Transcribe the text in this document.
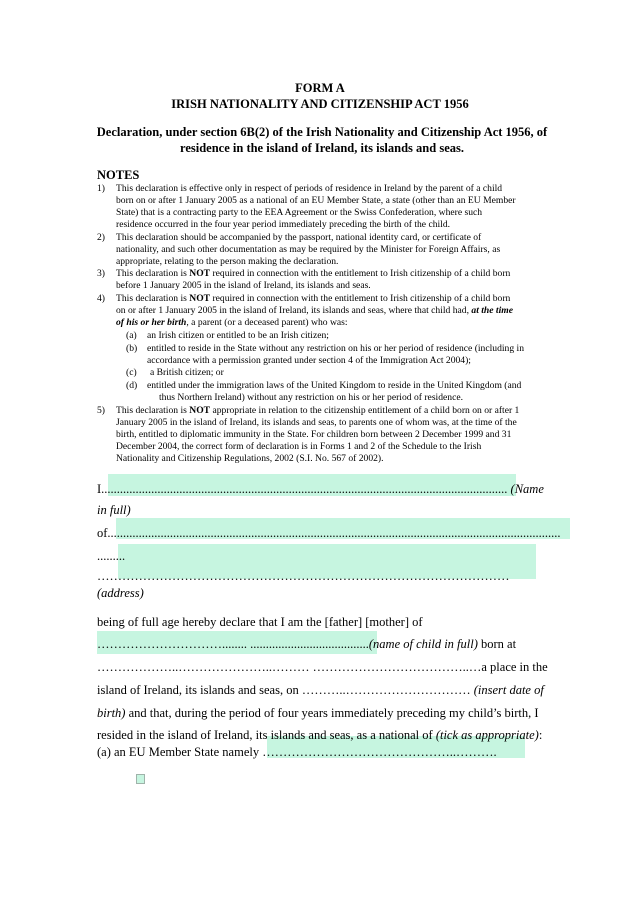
FORM A
IRISH NATIONALITY AND CITIZENSHIP ACT 1956
Declaration, under section 6B(2) of the Irish Nationality and Citizenship Act 1956, of
residence in the island of Ireland, its islands and seas.
NOTES
1) This declaration is effective only in respect of periods of residence in Ireland by the parent of a child
born on or after 1 January 2005 as a national of an EU Member State, a state (other than an EU Member
State) that is a contracting party to the EEA Agreement or the Swiss Confederation, where such
residence occurred in the four year period immediately preceding the birth of the child.
2) This declaration should be accompanied by the passport, national identity card, or certificate of
nationality, and such other documentation as may be required by the Minister for Foreign Affairs, as
appropriate, relating to the person making the declaration.
3) This declaration is NOT required in connection with the entitlement to Irish citizenship of a child born
before 1 January 2005 in the island of Ireland, its islands and seas.
4) This declaration is NOT required in connection with the entitlement to Irish citizenship of a child born
on or after 1 January 2005 in the island of Ireland, its islands and seas, where that child had, at the time
of his or her birth, a parent (or a deceased parent) who was:
(a) an Irish citizen or entitled to be an Irish citizen;
(b) entitled to reside in the State without any restriction on his or her period of residence (including in
accordance with a permission granted under section 4 of the Immigration Act 2004);
(c) a British citizen; or
(d) entitled under the immigration laws of the United Kingdom to reside in the United Kingdom (and
thus Northern Ireland) without any restriction on his or her period of residence.
5) This declaration is NOT appropriate in relation to the citizenship entitlement of a child born on or after 1
January 2005 in the island of Ireland, its islands and seas, to parents one of whom was, at the time of the
birth, entitled to diplomatic immunity in the State. For children born between 2 December 1999 and 31
December 2004, the correct form of declaration is in Forms 1 and 2 of the Schedule to the Irish
Nationality and Citizenship Regulations, 2002 (S.I. No. 567 of 2002).
I.................................................................................................................................. (Name
in full)
of.................................................................................................................................................
.........
………………………………………………………………………………………
(address)
being of full age hereby declare that I am the [father] [mother] of
…………………………........ ......................................(name of child in full) born at
………………..…………………..……… ………………………………..…a place in the
island of Ireland, its islands and seas, on ………..………………………… (insert date of
birth) and that, during the period of four years immediately preceding my child’s birth, I
resided in the island of Ireland, its islands and seas, as a national of (tick as appropriate):
(a) an EU Member State namely ………………………………………..……….
